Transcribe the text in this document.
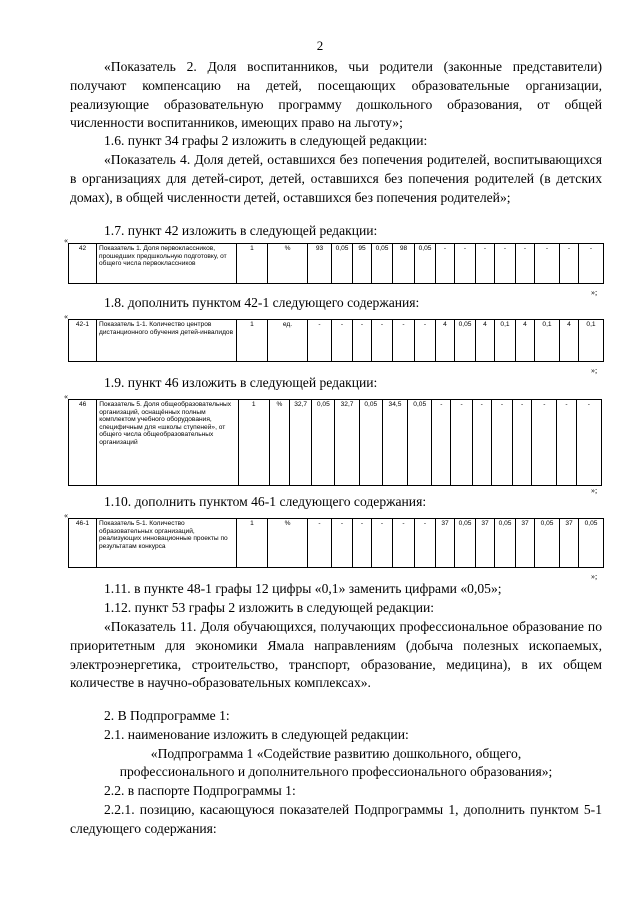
2
«Показатель 2. Доля воспитанников, чьи родители (законные представители) получают компенсацию на детей, посещающих образовательные организации, реализующие образовательную программу дошкольного образования, от общей численности воспитанников, имеющих право на льготу»;
1.6. пункт 34 графы 2 изложить в следующей редакции:
«Показатель 4. Доля детей, оставшихся без попечения родителей, воспитывающихся в организациях для детей-сирот, детей, оставшихся без попечения родителей (в детских домах), в общей численности детей, оставшихся без попечения родителей»;
1.7. пункт 42 изложить в следующей редакции:
«
42	Показатель 1. Доля первоклассников, прошедших предшкольную подготовку, от общего числа первоклассников	1	%	93	0,05	95	0,05	98	0,05	-	-	-	-	-	-	-	-
»;
1.8. дополнить пунктом 42-1 следующего содержания:
«
42-1	Показатель 1-1. Количество центров дистанционного обучения детей-инвалидов	1	ед.	-	-	-	-	-	-	4	0,05	4	0,1	4	0,1	4	0,1
»;
1.9. пункт 46 изложить в следующей редакции:
«
46	Показатель 5. Доля общеобразовательных организаций, оснащённых полным комплектом учебного оборудования, специфичным для «школы ступеней», от общего числа общеобразовательных организаций	1	%	32,7	0,05	32,7	0,05	34,5	0,05	-	-	-	-	-	-	-	-
»;
1.10. дополнить пунктом 46-1 следующего содержания:
«
46-1	Показатель 5-1. Количество образовательных организаций, реализующих инновационные проекты по результатам конкурса	1	%	-	-	-	-	-	-	37	0,05	37	0,05	37	0,05	37	0,05
»;
1.11. в пункте 48-1 графы 12 цифры «0,1» заменить цифрами «0,05»;
1.12. пункт 53 графы 2 изложить в следующей редакции:
«Показатель 11. Доля обучающихся, получающих профессиональное образование по приоритетным для экономики Ямала направлениям (добыча полезных ископаемых, электроэнергетика, строительство, транспорт, образование, медицина), в их общем количестве в научно-образовательных комплексах».
2. В Подпрограмме 1:
2.1. наименование изложить в следующей редакции:
«Подпрограмма 1 «Содействие развитию дошкольного, общего,
профессионального и дополнительного профессионального образования»;
2.2. в паспорте Подпрограммы 1:
2.2.1. позицию, касающуюся показателей Подпрограммы 1, дополнить пунктом 5-1 следующего содержания:
